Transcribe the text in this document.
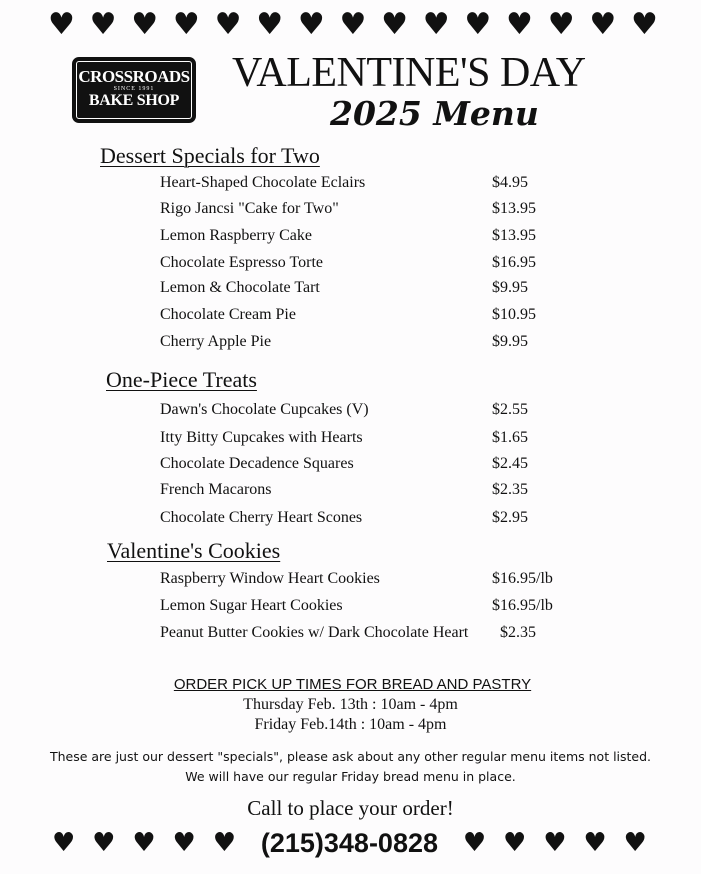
♥ ♥ ♥ ♥ ♥ ♥ ♥ ♥ ♥ ♥ ♥ ♥ ♥ ♥ ♥
CROSSROADS
SINCE 1991
BAKE SHOP
VALENTINE'S DAY
2025 Menu
Dessert Specials for Two
Heart-Shaped Chocolate Eclairs	$4.95
Rigo Jancsi "Cake for Two"	$13.95
Lemon Raspberry Cake	$13.95
Chocolate Espresso Torte	$16.95
Lemon & Chocolate Tart	$9.95
Chocolate Cream Pie	$10.95
Cherry Apple Pie	$9.95
One-Piece Treats
Dawn's Chocolate Cupcakes (V)	$2.55
Itty Bitty Cupcakes with Hearts	$1.65
Chocolate Decadence Squares	$2.45
French Macarons	$2.35
Chocolate Cherry Heart Scones	$2.95
Valentine's Cookies
Raspberry Window Heart Cookies	$16.95/lb
Lemon Sugar Heart Cookies	$16.95/lb
Peanut Butter Cookies w/ Dark Chocolate Heart $2.35
ORDER PICK UP TIMES FOR BREAD AND PASTRY
Thursday Feb. 13th : 10am - 4pm
Friday Feb.14th : 10am - 4pm
These are just our dessert "specials", please ask about any other regular menu items not listed.
We will have our regular Friday bread menu in place.
Call to place your order!
♥ ♥ ♥ ♥ ♥ (215)348-0828 ♥ ♥ ♥ ♥ ♥
